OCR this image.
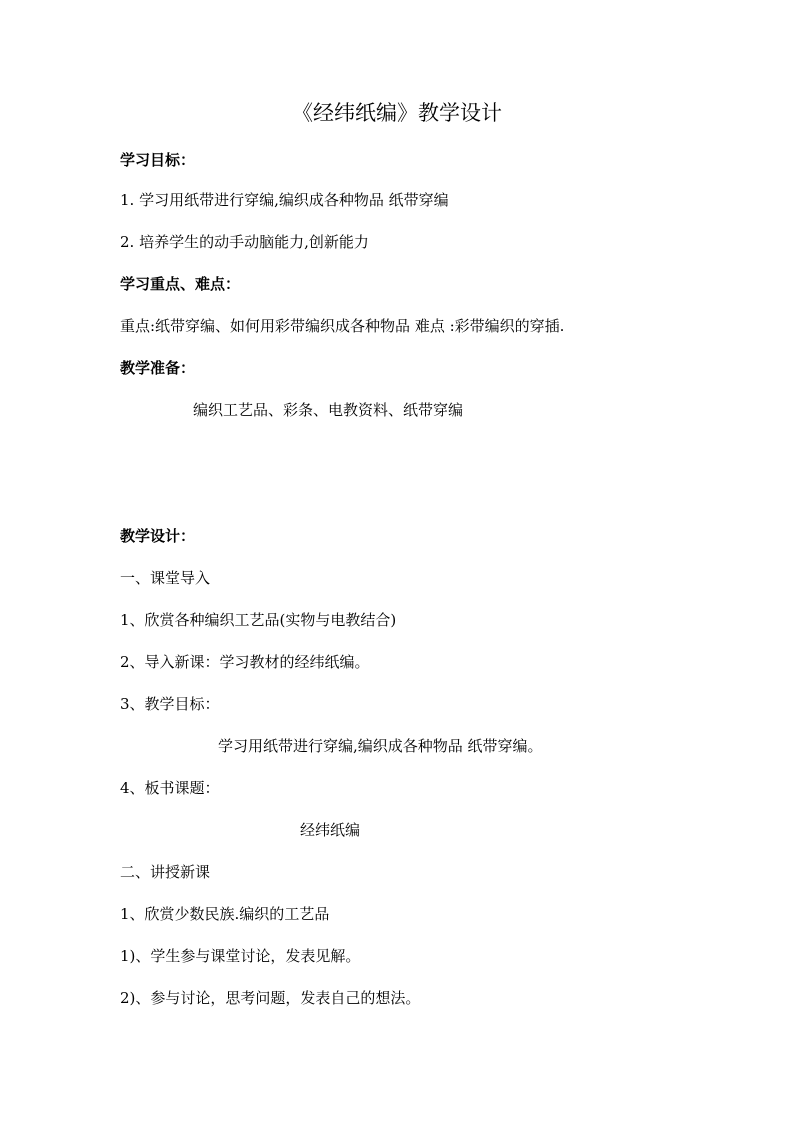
《经纬纸编》教学设计
学习目标：
1. 学习用纸带进行穿编,编织成各种物品 纸带穿编
2. 培养学生的动手动脑能力,创新能力
学习重点、难点：
重点:纸带穿编、如何用彩带编织成各种物品 难点 :彩带编织的穿插.
教学准备：
编织工艺品、彩条、电教资料、纸带穿编
教学设计：
一、课堂导入
1、欣赏各种编织工艺品(实物与电教结合)
2、导入新课：学习教材的经纬纸编。
3、教学目标：
学习用纸带进行穿编,编织成各种物品 纸带穿编。
4、板书课题：
经纬纸编
二、讲授新课
1、欣赏少数民族.编织的工艺品
1)、学生参与课堂讨论，发表见解。
2)、参与讨论，思考问题，发表自己的想法。
